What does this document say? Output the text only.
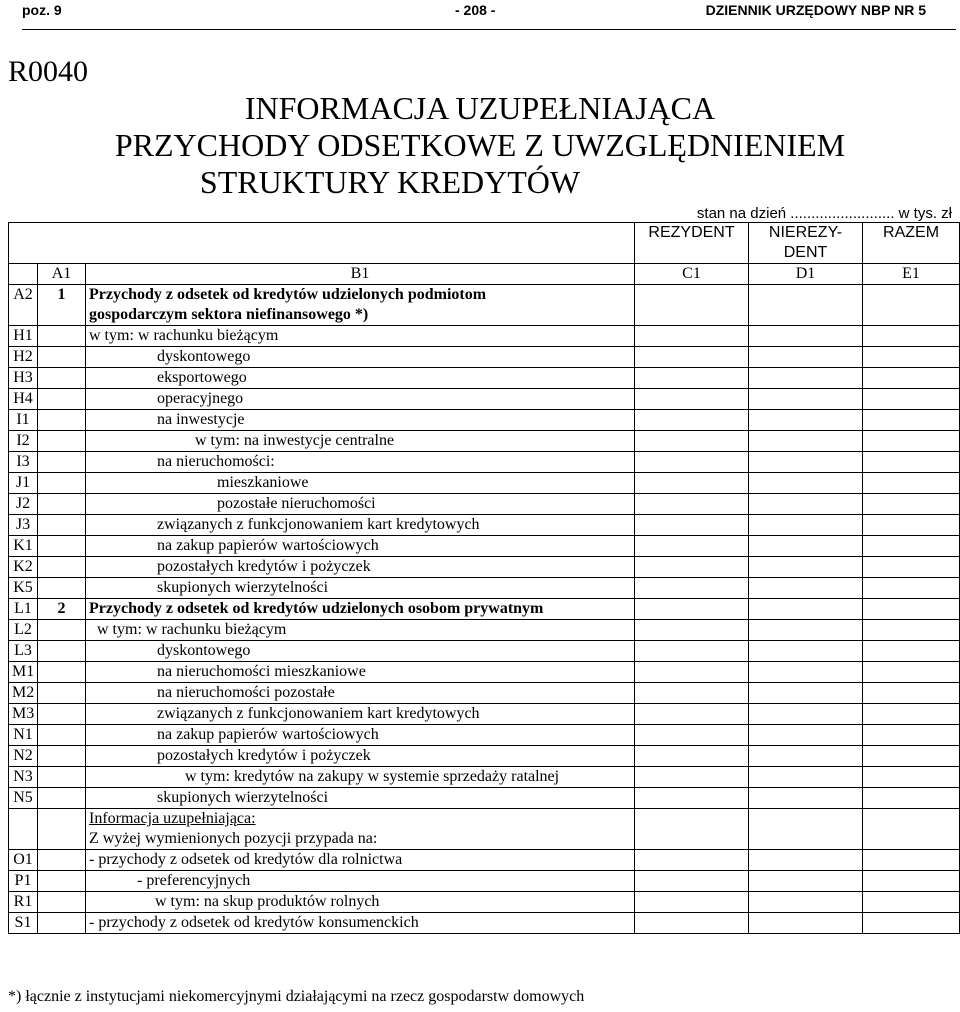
poz. 9	- 208 -	DZIENNIK URZĘDOWY NBP NR 5
R0040
INFORMACJA UZUPEŁNIAJĄCA
PRZYCHODY ODSETKOWE Z UWZGLĘDNIENIEM
STRUKTURY KREDYTÓW
stan na dzień ......................... w tys. zł
			REZYDENT	NIEREZY- DENT	RAZEM
	A1	B1	C1	D1	E1
A2	1	Przychody z odsetek od kredytów udzielonych podmiotom
gospodarczym sektora niefinansowego *)			

H1		w tym: w rachunku bieżącym			

H2		dyskontowego			

H3		eksportowego			

H4		operacyjnego			

I1		na inwestycje			

I2		w tym: na inwestycje centralne			

I3		na nieruchomości:			

J1		mieszkaniowe			

J2		pozostałe nieruchomości			

J3		związanych z funkcjonowaniem kart kredytowych			

K1		na zakup papierów wartościowych			

K2		pozostałych kredytów i pożyczek			

K5		skupionych wierzytelności			

L1	2	Przychody z odsetek od kredytów udzielonych osobom prywatnym			

L2		w tym: w rachunku bieżącym			

L3		dyskontowego			

M1		na nieruchomości mieszkaniowe			

M2		na nieruchomości pozostałe			

M3		związanych z funkcjonowaniem kart kredytowych			

N1		na zakup papierów wartościowych			

N2		pozostałych kredytów i pożyczek			

N3		w tym: kredytów na zakupy w systemie sprzedaży ratalnej			

N5		skupionych wierzytelności			

		Informacja uzupełniająca:
Z wyżej wymienionych pozycji przypada na:			

O1		- przychody z odsetek od kredytów dla rolnictwa			

P1		- preferencyjnych			

R1		w tym: na skup produktów rolnych			

S1		- przychody z odsetek od kredytów konsumenckich			

*) łącznie z instytucjami niekomercyjnymi działającymi na rzecz gospodarstw domowych
